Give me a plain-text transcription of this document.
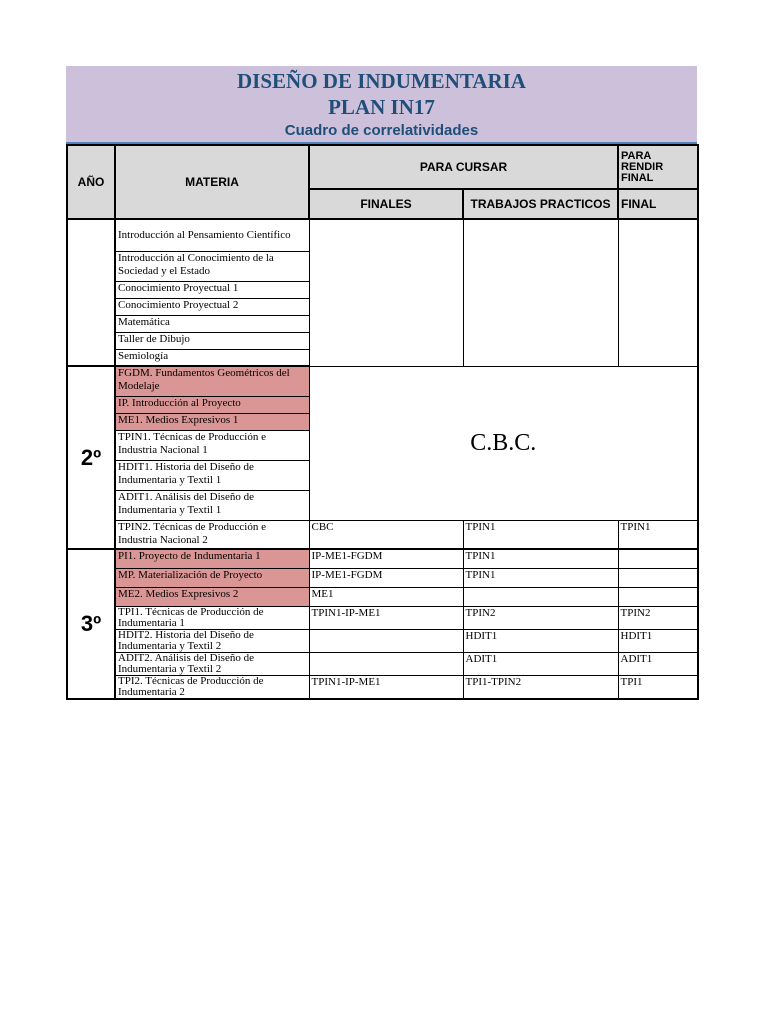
DISEÑO DE INDUMENTARIA
PLAN IN17
Cuadro de correlatividades
AÑO	MATERIA	PARA CURSAR		PARA RENDIR FINAL
		FINALES	TRABAJOS PRACTICOS	FINAL
	Introducción al Pensamiento Científico			
	Introducción al Conocimiento de la Sociedad y el Estado			
	Conocimiento Proyectual 1			
	Conocimiento Proyectual 2			
	Matemática			
	Taller de Dibujo			
	Semiología			
2º	FGDM. Fundamentos Geométricos del Modelaje	C.B.C.		
	IP. Introducción al Proyecto			
	ME1. Medios Expresivos 1			
	TPIN1. Técnicas de Producción e Industria Nacional 1			
	HDIT1. Historia del Diseño de Indumentaria y Textil 1			
	ADIT1. Análisis del Diseño de Indumentaria y Textil 1			
	TPIN2. Técnicas de Producción e Industria Nacional 2	CBC	TPIN1	TPIN1
3º	PI1. Proyecto de Indumentaria 1	IP-ME1-FGDM	TPIN1	
	MP. Materialización de Proyecto	IP-ME1-FGDM	TPIN1	
	ME2. Medios Expresivos 2	ME1		
	TPI1. Técnicas de Producción de Indumentaria 1	TPIN1-IP-ME1	TPIN2	TPIN2
	HDIT2. Historia del Diseño de Indumentaria y Textil 2		HDIT1	HDIT1
	ADIT2. Análisis del Diseño de Indumentaria y Textil 2		ADIT1	ADIT1
	TPI2. Técnicas de Producción de Indumentaria 2	TPIN1-IP-ME1	TPI1-TPIN2	TPI1
